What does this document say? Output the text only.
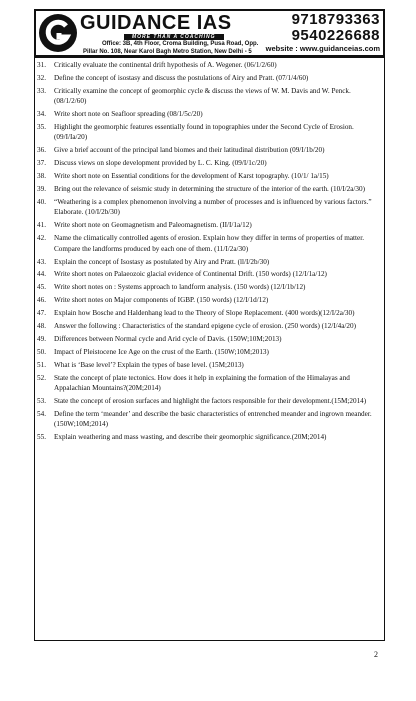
GUIDANCE IAS
MORE THAN A COACHING
Office: 3B, 4th Floor, Croma Building, Pusa Road, Opp.
Pillar No. 108, Near Karol Bagh Metro Station, New Delhi - 5
9718793363
9540226688
website : www.guidanceias.com
31. Critically evaluate the continental drift hypothesis of A. Wegener. (06/1/2/60)
32. Define the concept of isostasy and discuss the postulations of Airy and Pratt. (07/1/4/60)
33. Critically examine the concept of geomorphic cycle & discuss the views of W. M. Davis and W. Penck. (08/1/2/60)
34. Write short note on Seafloor spreading (08/1/5c/20)
35. Highlight the geomorphic features essentially found in topographies under the Second Cycle of Erosion. (09/I/Ia/20)
36. Give a brief account of the principal land biomes and their latitudinal distribution (09/I/1b/20)
37. Discuss views on slope development provided by L. C. King. (09/I/1c/20)
38. Write short note on Essential conditions for the development of Karst topography. (10/1/ 1a/15)
39. Bring out the relevance of seismic study in determining the structure of the interior of the earth. (10/I/2a/30)
40. “Weathering is a complex phenomenon involving a number of processes and is influenced by various factors.” Elaborate. (10/I/2b/30)
41. Write short note on Geomagnetism and Paleomagnetism. (II/I/1a/12)
42. Name the climatically controlled agents of erosion. Explain how they differ in terms of properties of matter. Compare the landforms produced by each one of them. (11/I/2a/30)
43. Explain the concept of Isostasy as postulated by Airy and Pratt. (ll/I/2b/30)
44. Write short notes on Palaeozoic glacial evidence of Continental Drift. (150 words) (12/I/1a/12)
45. Write short notes on : Systems approach to landform analysis. (150 words) (12/I/1b/12)
46. Write short notes on Major components of IGBP. (150 words) (12/I/1d/12)
47. Explain how Bosche and Haldenhang lead to the Theory of Slope Replacement. (400 words)(12/I/2a/30)
48. Answer the following : Characteristics of the standard epigene cycle of erosion. (250 words) (12/I/4a/20)
49. Differences between Normal cycle and Arid cycle of Davis. (150W;10M;2013)
50. Impact of Pleistocene Ice Age on the crust of the Earth. (150W;10M;2013)
51. What is ‘Base level’? Explain the types of base level. (15M;2013)
52. State the concept of plate tectonics. How does it help in explaining the formation of the Himalayas and Appalachian Mountains?(20M;2014)
53. State the concept of erosion surfaces and highlight the factors responsible for their development.(15M;2014)
54. Define the term ‘meander’ and describe the basic characteristics of entrenched meander and ingrown meander.(150W;10M;2014)
55. Explain weathering and mass wasting, and describe their geomorphic significance.(20M;2014)
2
